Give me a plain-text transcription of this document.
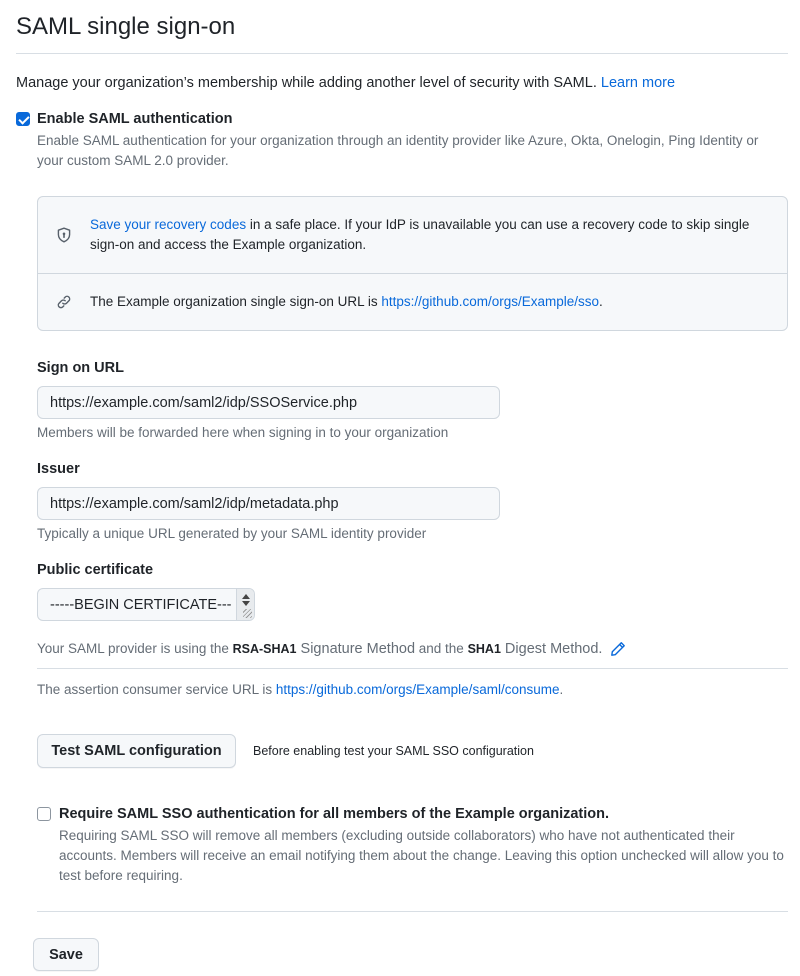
SAML single sign-on

Manage your organization’s membership while adding another level of security with SAML. Learn more

Enable SAML authentication
Enable SAML authentication for your organization through an identity provider like Azure, Okta, Onelogin, Ping Identity or your custom SAML 2.0 provider.
Save your recovery codes in a safe place. If your IdP is unavailable you can use a recovery code to skip single sign-on and access the Example organization.
The Example organization single sign-on URL is https://github.com/orgs/Example/sso.
Sign on URL
https://example.com/saml2/idp/SSOService.php
Members will be forwarded here when signing in to your organization
Issuer
https://example.com/saml2/idp/metadata.php
Typically a unique URL generated by your SAML identity provider
Public certificate
-----BEGIN CERTIFICATE---
Your SAML provider is using the RSA-SHA1 Signature Method and the SHA1 Digest Method.
The assertion consumer service URL is https://github.com/orgs/Example/saml/consume.
Test SAML configuration	Before enabling test your SAML SSO configuration
Require SAML SSO authentication for all members of the Example organization.
Requiring SAML SSO will remove all members (excluding outside collaborators) who have not authenticated their accounts. Members will receive an email notifying them about the change. Leaving this option unchecked will allow you to test before requiring.
Save
